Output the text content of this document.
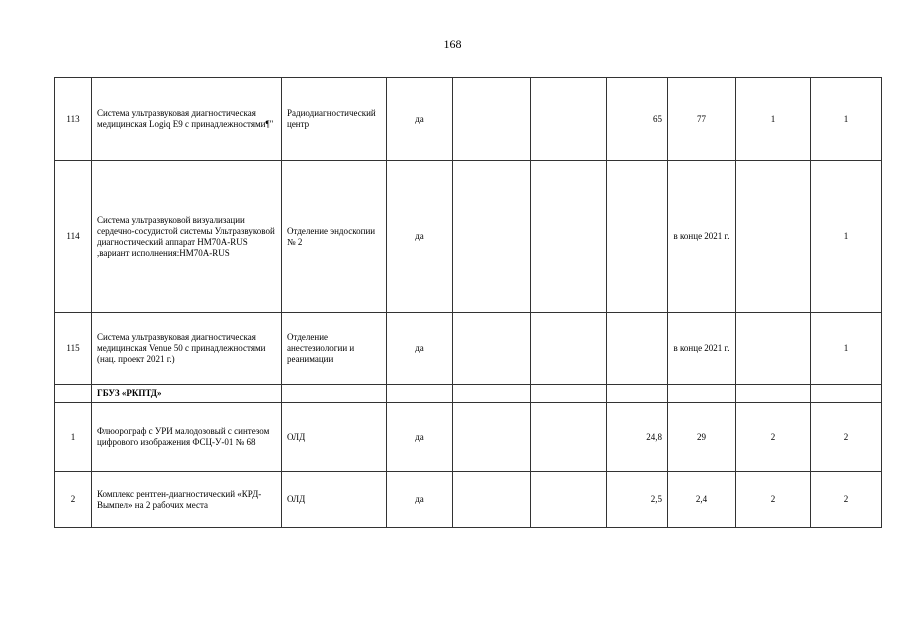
168
113	Система ультразвуковая диагностическая медицинская Logiq E9 с принадлежностями¶"	Радиодиагностический центр	да			65	77	1	1
114	Система ультразвуковой визуализации сердечно-сосудистой системы Ультразвуковой диагностический аппарат HM70A-RUS ,вариант исполнения:HM70A-RUS	Отделение эндоскопии № 2	да				в конце 2021 г.		1
115	Система ультразвуковая диагностическая медицинская Venue 50 с принадлежностями (нац. проект 2021 г.)	Отделение анестезиологии и реанимации	да				в конце 2021 г.		1
	ГБУЗ «РКПТД»								
1	Флюорограф с УРИ малодозовый с синтезом цифрового изображения ФСЦ-У-01 № 68	ОЛД	да			24,8	29	2	2
2	Комплекс рентген-диагностический «КРД-Вымпел» на 2 рабочих места	ОЛД	да			2,5	2,4	2	2
